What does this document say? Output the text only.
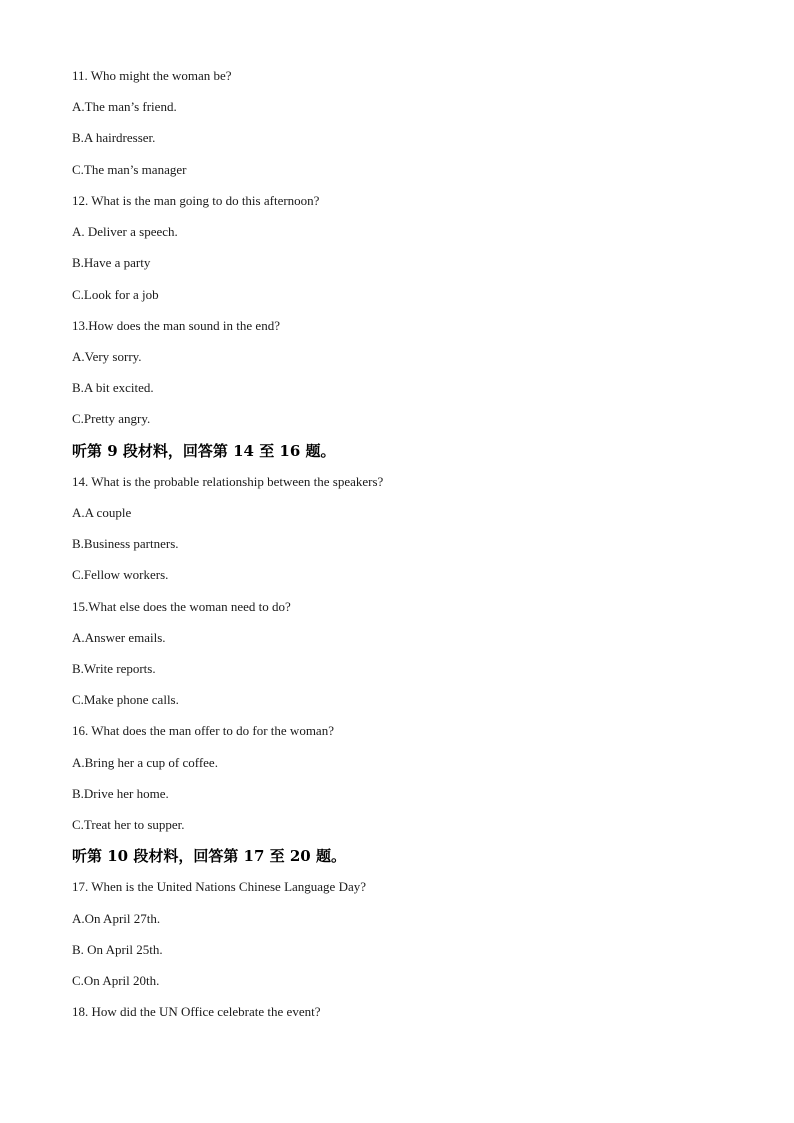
11. Who might the woman be?
A.The man’s friend.
B.A hairdresser.
C.The man’s manager
12. What is the man going to do this afternoon?
A. Deliver a speech.
B.Have a party
C.Look for a job
13.How does the man sound in the end?
A.Very sorry.
B.A bit excited.
C.Pretty angry.
听第 9 段材料，回答第 14 至 16 题。
14. What is the probable relationship between the speakers?
A.A couple
B.Business partners.
C.Fellow workers.
15.What else does the woman need to do?
A.Answer emails.
B.Write reports.
C.Make phone calls.
16. What does the man offer to do for the woman?
A.Bring her a cup of coffee.
B.Drive her home.
C.Treat her to supper.
听第 10 段材料，回答第 17 至 20 题。
17. When is the United Nations Chinese Language Day?
A.On April 27th.
B. On April 25th.
C.On April 20th.
18. How did the UN Office celebrate the event?
